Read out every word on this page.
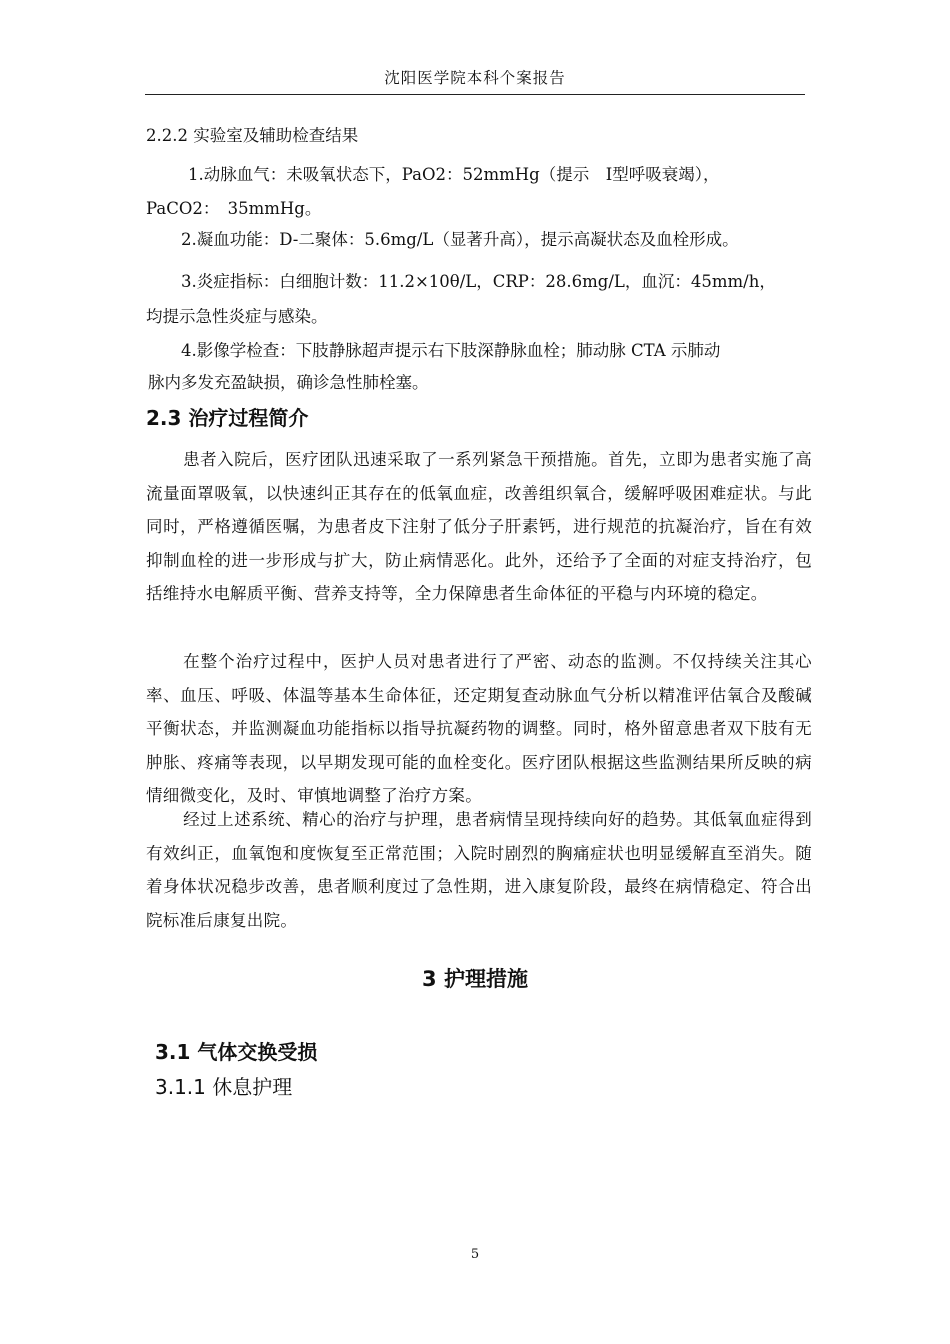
沈阳医学院本科个案报告
2.2.2 实验室及辅助检查结果
1.动脉血气：未吸氧状态下，PaO2：52mmHg（提示　Ⅰ型呼吸衰竭），
PaCO2：　35mmHg。
2.凝血功能：D-二聚体：5.6mg/L（显著升高），提示高凝状态及血栓形成。
3.炎症指标：白细胞计数：11.2×10θ/L，CRP：28.6mg/L，血沉：45mm/h，
均提示急性炎症与感染。
4.影像学检查：下肢静脉超声提示右下肢深静脉血栓；肺动脉 CTA 示肺动
脉内多发充盈缺损，确诊急性肺栓塞。
2.3 治疗过程简介
患者入院后，医疗团队迅速采取了一系列紧急干预措施。首先，立即为患者实施了高流量面罩吸氧，以快速纠正其存在的低氧血症，改善组织氧合，缓解呼吸困难症状。与此同时，严格遵循医嘱，为患者皮下注射了低分子肝素钙，进行规范的抗凝治疗，旨在有效抑制血栓的进一步形成与扩大，防止病情恶化。此外，还给予了全面的对症支持治疗，包括维持水电解质平衡、营养支持等，全力保障患者生命体征的平稳与内环境的稳定。
在整个治疗过程中，医护人员对患者进行了严密、动态的监测。不仅持续关注其心率、血压、呼吸、体温等基本生命体征，还定期复查动脉血气分析以精准评估氧合及酸碱平衡状态，并监测凝血功能指标以指导抗凝药物的调整。同时，格外留意患者双下肢有无肿胀、疼痛等表现，以早期发现可能的血栓变化。医疗团队根据这些监测结果所反映的病情细微变化，及时、审慎地调整了治疗方案。
经过上述系统、精心的治疗与护理，患者病情呈现持续向好的趋势。其低氧血症得到有效纠正，血氧饱和度恢复至正常范围；入院时剧烈的胸痛症状也明显缓解直至消失。随着身体状况稳步改善，患者顺利度过了急性期，进入康复阶段，最终在病情稳定、符合出院标准后康复出院。
3 护理措施
3.1 气体交换受损
3.1.1 休息护理
5
